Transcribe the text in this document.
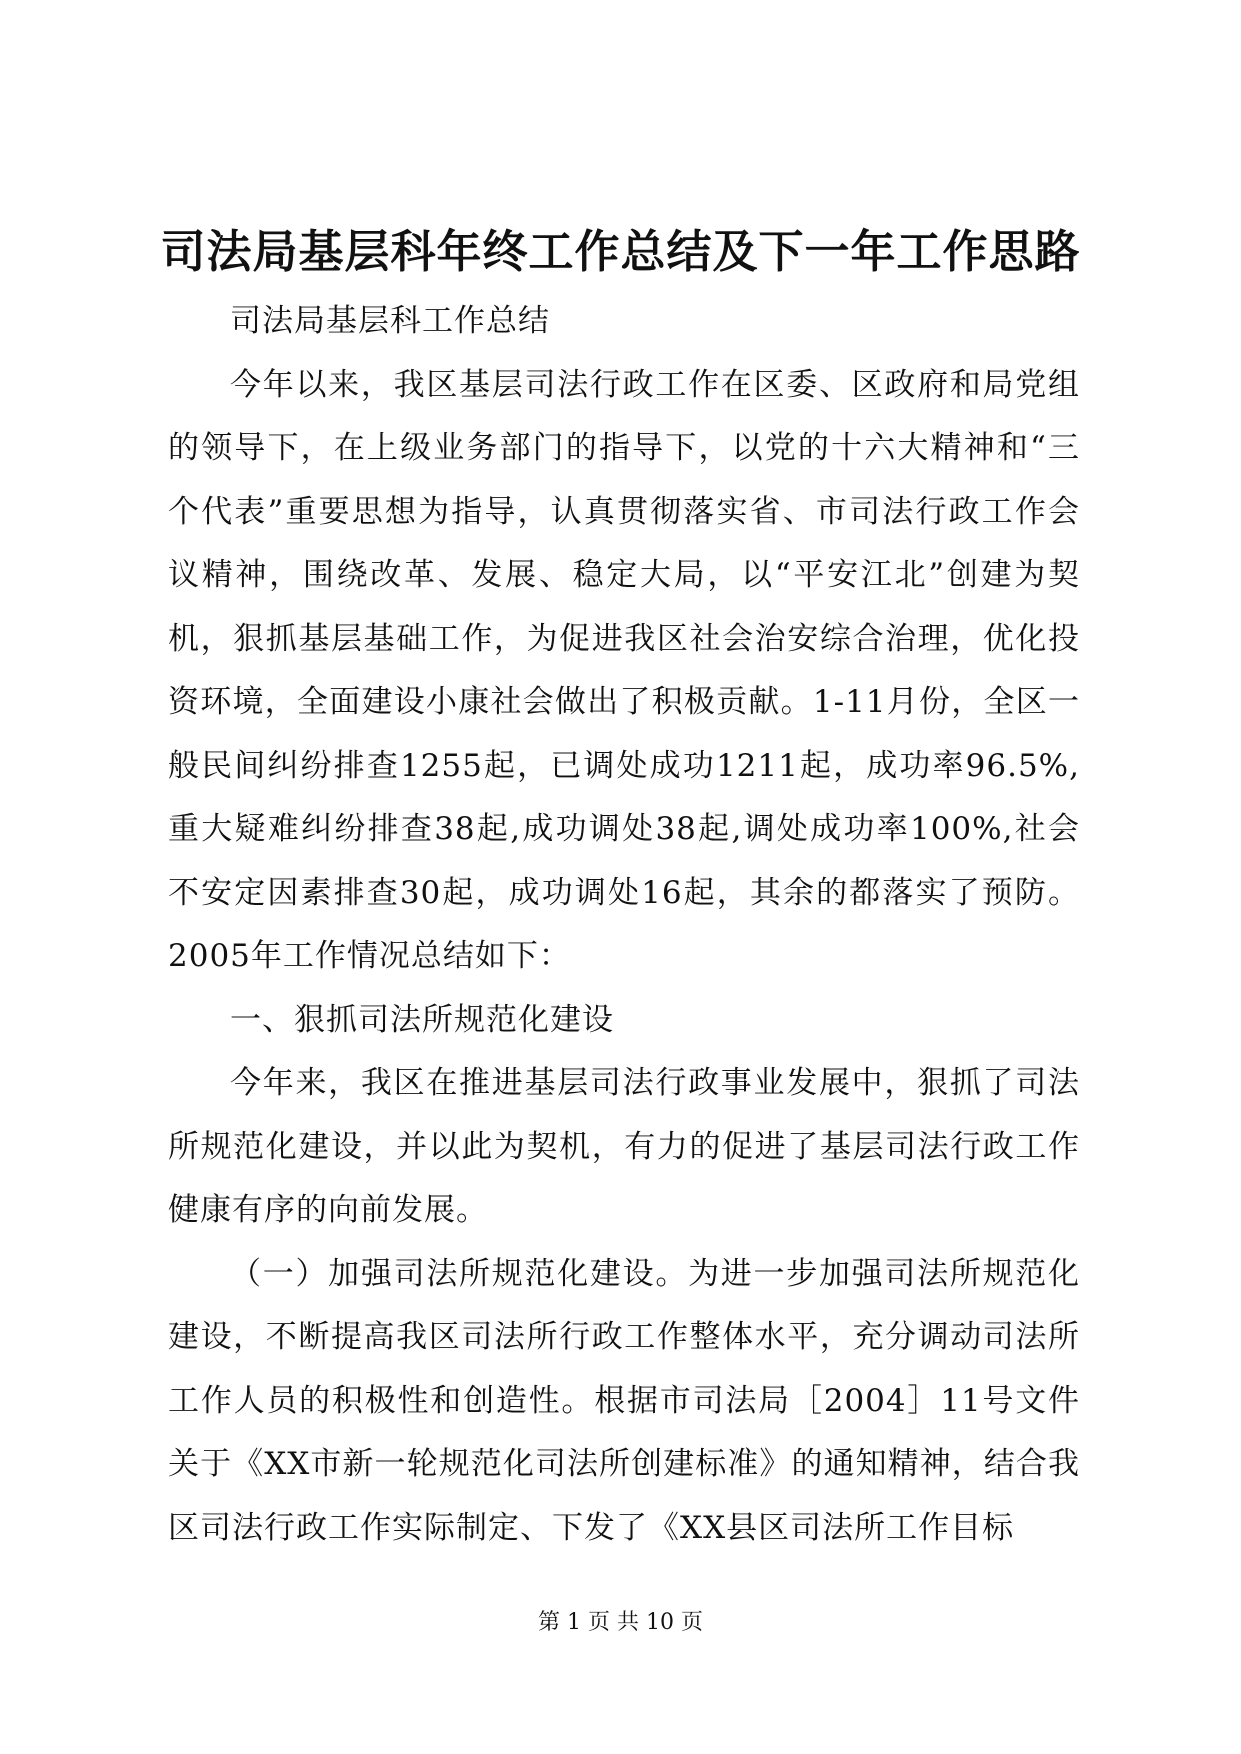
司法局基层科年终工作总结及下一年工作思路

司法局基层科工作总结

今年以来，我区基层司法行政工作在区委、区政府和局党组的领导下，在上级业务部门的指导下，以党的十六大精神和“三个代表”重要思想为指导，认真贯彻落实省、市司法行政工作会议精神，围绕改革、发展、稳定大局，以“平安江北”创建为契机，狠抓基层基础工作，为促进我区社会治安综合治理，优化投资环境，全面建设小康社会做出了积极贡献。1-11月份，全区一般民间纠纷排查1255起，已调处成功1211起，成功率96.5%,重大疑难纠纷排查38起,成功调处38起,调处成功率100%,社会不安定因素排查30起，成功调处16起，其余的都落实了预防。2005年工作情况总结如下：

一、狠抓司法所规范化建设

今年来，我区在推进基层司法行政事业发展中，狠抓了司法所规范化建设，并以此为契机，有力的促进了基层司法行政工作健康有序的向前发展。

（一）加强司法所规范化建设。为进一步加强司法所规范化建设，不断提高我区司法所行政工作整体水平，充分调动司法所工作人员的积极性和创造性。根据市司法局［2004］11号文件关于《XX市新一轮规范化司法所创建标准》的通知精神，结合我区司法行政工作实际制定、下发了《XX县区司法所工作目标

第 1 页 共 10 页
